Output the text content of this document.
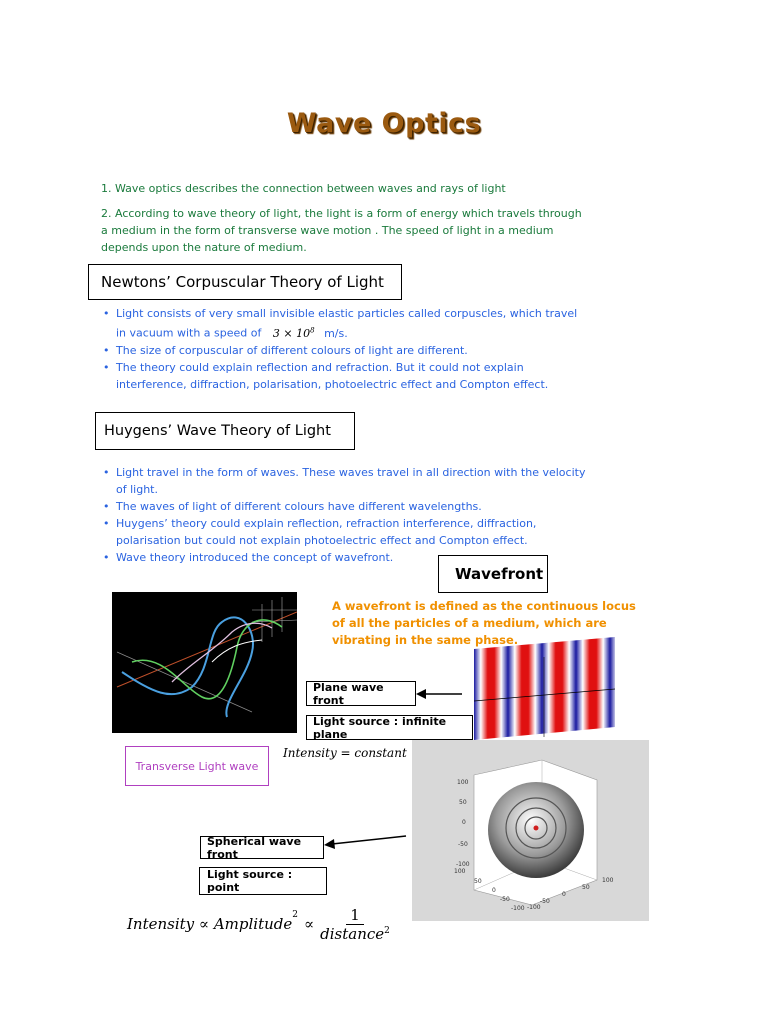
Wave Optics
1. Wave optics describes the connection between waves and rays of light
2. According to wave theory of light, the light is a form of energy which travels through a medium in the form of transverse wave motion . The speed of light in a medium depends upon the nature of medium.
Newtons’ Corpuscular Theory of Light
• Light consists of very small invisible elastic particles called corpuscles, which travel in vacuum with a speed of $3 \times 10^8$ m/s.
• The size of corpuscular of different colours of light are different.
• The theory could explain reflection and refraction. But it could not explain interference, diffraction, polarisation, photoelectric effect and Compton effect.
Huygens’ Wave Theory of Light
• Light travel in the form of waves. These waves travel in all direction with the velocity of light.
• The waves of light of different colours have different wavelengths.
• Huygens’ theory could explain reflection, refraction interference, diffraction, polarisation but could not explain photoelectric effect and Compton effect.
• Wave theory introduced the concept of wavefront.
Wavefront
A wavefront is defined as the continuous locus of all the particles of a medium, which are vibrating in the same phase.
Plane wave front
Light source : infinite plane
Transverse Light wave
Intensity = constant
100
50
0
-50
-100
100
50
0
-50
-100
100
50
0
-50
-100
Spherical wave front
Light source : point
Intensity ∝ Amplitude$^2$ ∝
1
distance$^2$
